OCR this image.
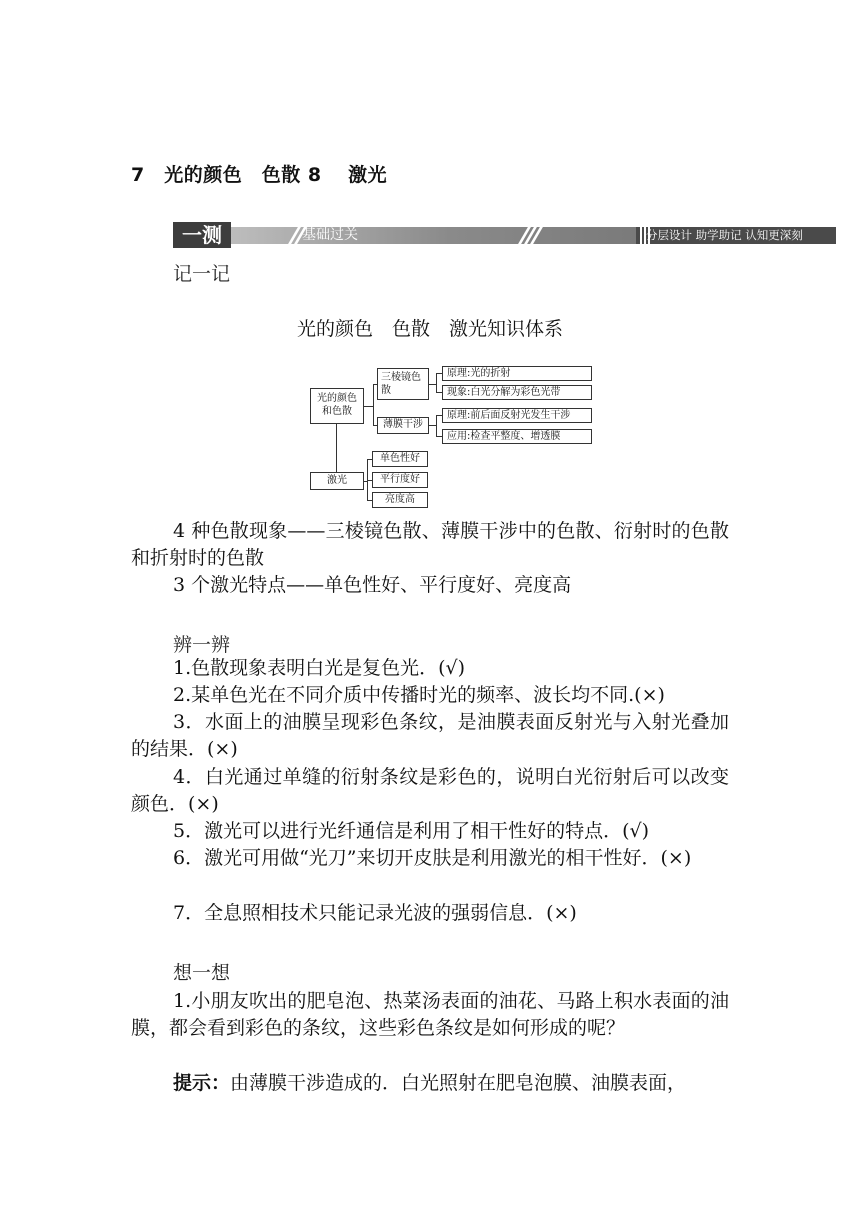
7　光的颜色　色散 8　 激光
基础过关	分层设计 助学助记 认知更深刻
一测
记一记
光的颜色　色散　激光知识体系
光的颜色和色散
三棱镜色散
原理:光的折射
现象:白光分解为彩色光带
薄膜干涉
原理:前后面反射光发生干涉
应用:检查平整度、增透膜
激光
单色性好
平行度好
亮度高
4 种色散现象——三棱镜色散、薄膜干涉中的色散、衍射时的色散和折射时的色散
3 个激光特点——单色性好、平行度好、亮度高
辨一辨
1.色散现象表明白光是复色光．(√)
2.某单色光在不同介质中传播时光的频率、波长均不同.(×)
3．水面上的油膜呈现彩色条纹，是油膜表面反射光与入射光叠加的结果．(×)
4．白光通过单缝的衍射条纹是彩色的，说明白光衍射后可以改变颜色．(×)
5．激光可以进行光纤通信是利用了相干性好的特点．(√)
6．激光可用做“光刀”来切开皮肤是利用激光的相干性好．(×)
7．全息照相技术只能记录光波的强弱信息．(×)
想一想
1.小朋友吹出的肥皂泡、热菜汤表面的油花、马路上积水表面的油膜，都会看到彩色的条纹，这些彩色条纹是如何形成的呢？
提示：由薄膜干涉造成的．白光照射在肥皂泡膜、油膜表面，
